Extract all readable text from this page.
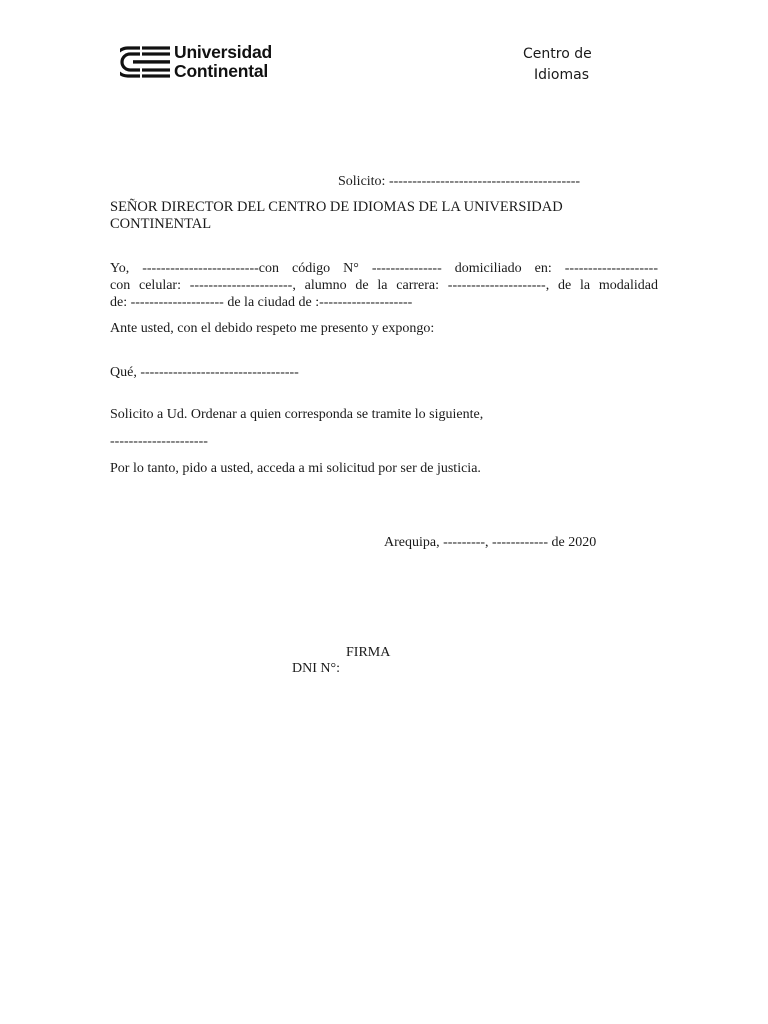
Universidad
Continental
Centro de
Idiomas
Solicito: -----------------------------------------
SEÑOR DIRECTOR DEL CENTRO DE IDIOMAS DE LA UNIVERSIDAD CONTINENTAL
Yo, -------------------------con código N° --------------- domiciliado en: --------------------
con celular: ----------------------, alumno de la carrera: ---------------------, de la modalidad
de: -------------------- de la ciudad de :--------------------
Ante usted, con el debido respeto me presento y expongo:
Qué, ----------------------------------
Solicito a Ud. Ordenar a quien corresponda se tramite lo siguiente,
---------------------
Por lo tanto, pido a usted, acceda a mi solicitud por ser de justicia.
Arequipa, ---------, ------------ de 2020
FIRMA
DNI N°:
